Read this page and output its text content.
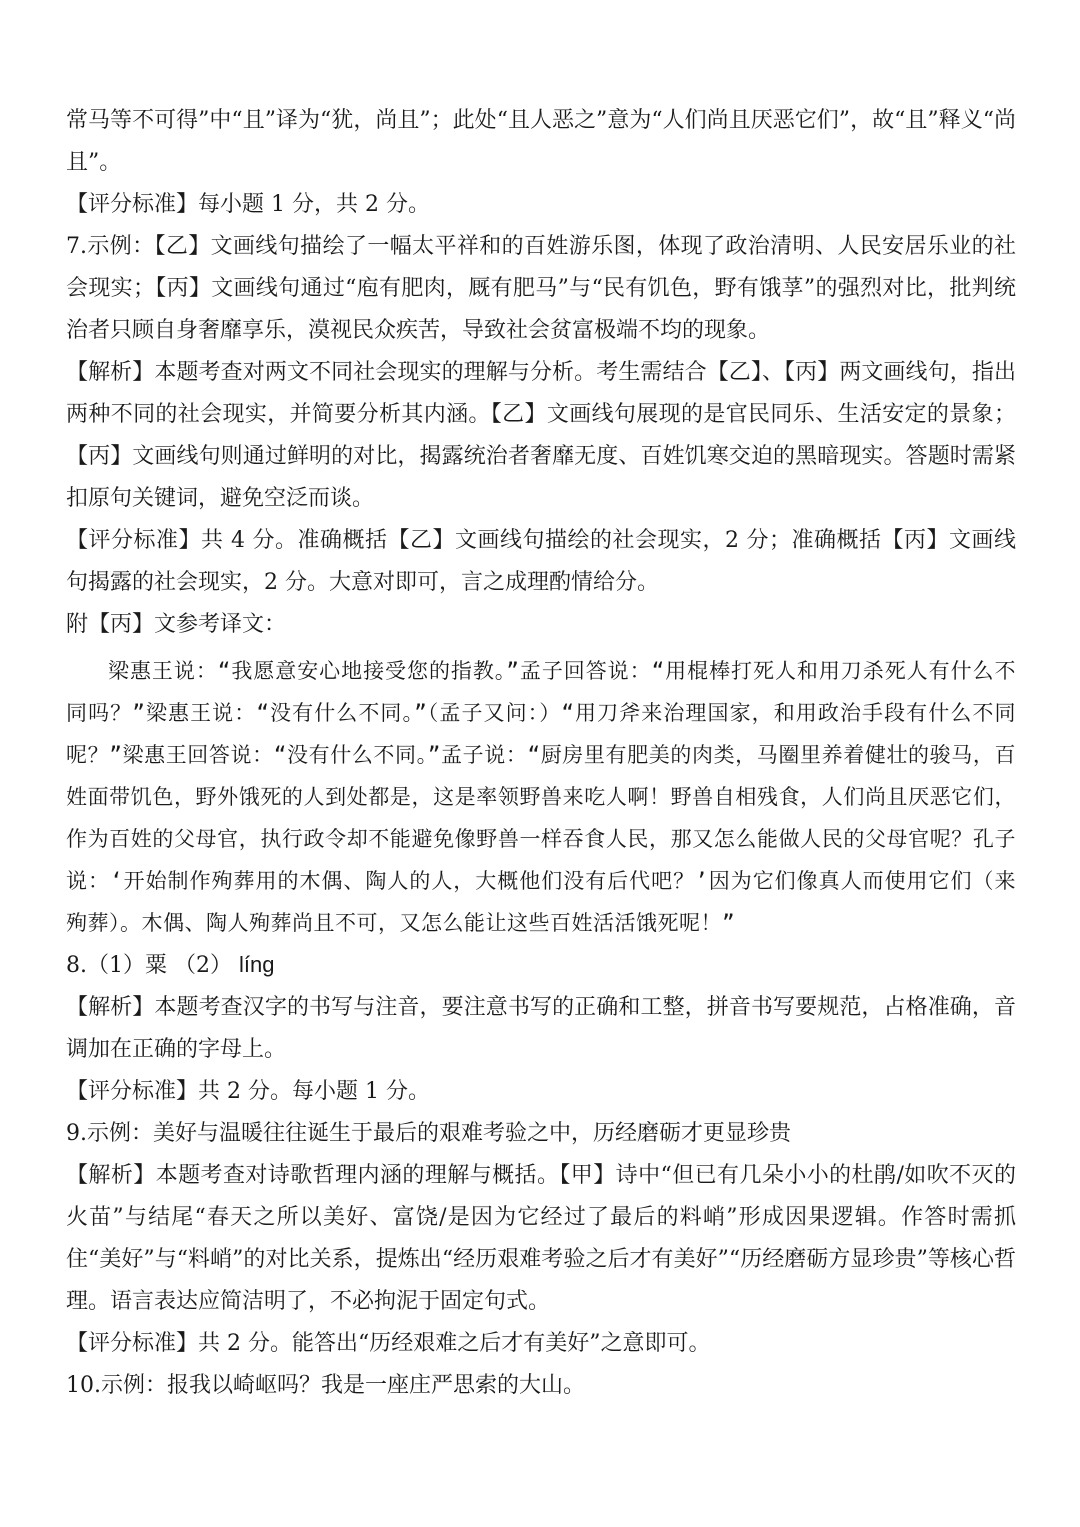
常马等不可得”中“且”译为“犹，尚且”；此处“且人恶之”意为“人们尚且厌恶它们”，故“且”释义“尚且”。

【评分标准】每小题 1 分，共 2 分。

7.示例：【乙】文画线句描绘了一幅太平祥和的百姓游乐图，体现了政治清明、人民安居乐业的社会现实；【丙】文画线句通过“庖有肥肉，厩有肥马”与“民有饥色，野有饿莩”的强烈对比，批判统治者只顾自身奢靡享乐，漠视民众疾苦，导致社会贫富极端不均的现象。

【解析】本题考查对两文不同社会现实的理解与分析。考生需结合【乙】、【丙】两文画线句，指出两种不同的社会现实，并简要分析其内涵。【乙】文画线句展现的是官民同乐、生活安定的景象；【丙】文画线句则通过鲜明的对比，揭露统治者奢靡无度、百姓饥寒交迫的黑暗现实。答题时需紧扣原句关键词，避免空泛而谈。

【评分标准】共 4 分。准确概括【乙】文画线句描绘的社会现实，2 分；准确概括【丙】文画线句揭露的社会现实，2 分。大意对即可，言之成理酌情给分。

附【丙】文参考译文：

梁惠王说：“我愿意安心地接受您的指教。”孟子回答说：“用棍棒打死人和用刀杀死人有什么不同吗？”梁惠王说：“没有什么不同。”（孟子又问：）“用刀斧来治理国家，和用政治手段有什么不同呢？”梁惠王回答说：“没有什么不同。”孟子说：“厨房里有肥美的肉类，马圈里养着健壮的骏马，百姓面带饥色，野外饿死的人到处都是，这是率领野兽来吃人啊！野兽自相残食，人们尚且厌恶它们，作为百姓的父母官，执行政令却不能避免像野兽一样吞食人民，那又怎么能做人民的父母官呢？孔子说：‘开始制作殉葬用的木偶、陶人的人，大概他们没有后代吧？’因为它们像真人而使用它们（来殉葬）。木偶、陶人殉葬尚且不可，又怎么能让这些百姓活活饿死呢！”

8.（1）粟 （2） líng

【解析】本题考查汉字的书写与注音，要注意书写的正确和工整，拼音书写要规范，占格准确，音调加在正确的字母上。

【评分标准】共 2 分。每小题 1 分。

9.示例：美好与温暖往往诞生于最后的艰难考验之中，历经磨砺才更显珍贵

【解析】本题考查对诗歌哲理内涵的理解与概括。【甲】诗中“但已有几朵小小的杜鹃/如吹不灭的火苗”与结尾“春天之所以美好、富饶/是因为它经过了最后的料峭”形成因果逻辑。作答时需抓住“美好”与“料峭”的对比关系，提炼出“经历艰难考验之后才有美好”“历经磨砺方显珍贵”等核心哲理。语言表达应简洁明了，不必拘泥于固定句式。

【评分标准】共 2 分。能答出“历经艰难之后才有美好”之意即可。

10.示例：报我以崎岖吗？我是一座庄严思索的大山。
